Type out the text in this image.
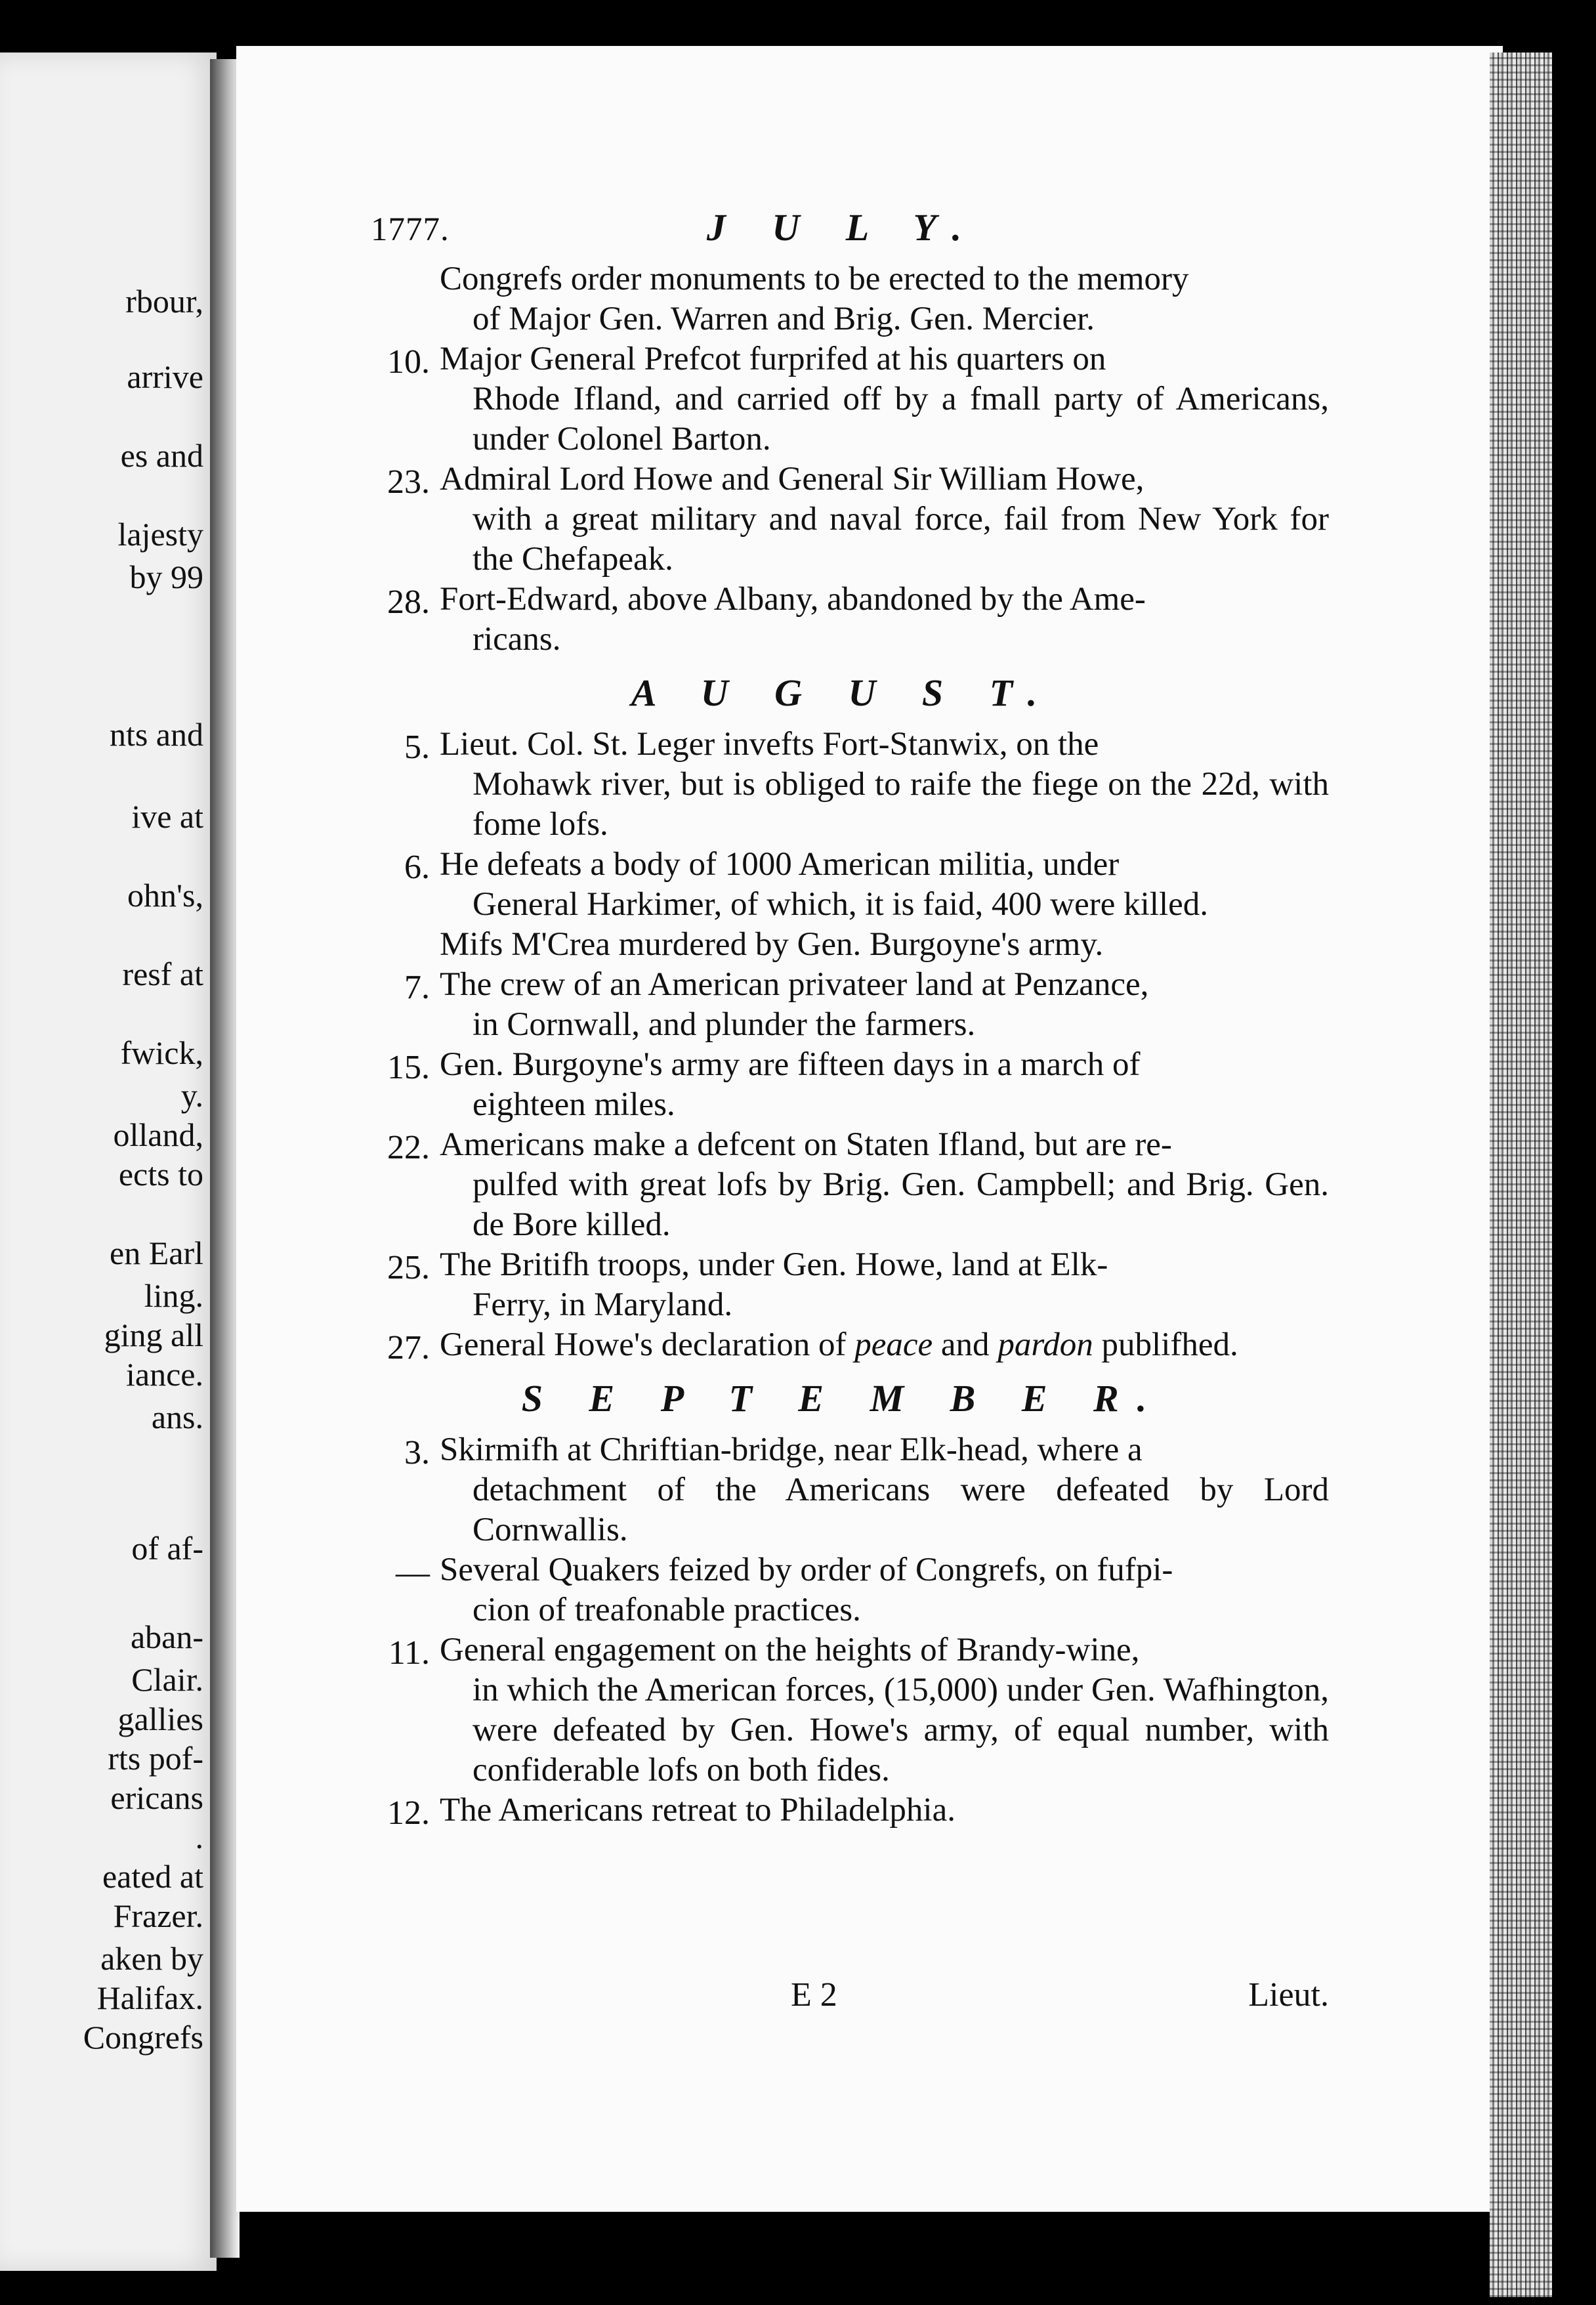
rbour,
arrive
es and
lajesty
by 99
nts and
ive at
ohn's,
resf at
fwick,
y.
olland,
ects to
en Earl
ling.
ging all
iance.
ans.
of af-
aban-
Clair.
gallies
rts pof-
ericans
.
eated at
Frazer.
aken by
Halifax.
Congrefs
1777.	J U L Y.

Congrefs order monuments to be erected to the memory
of Major Gen. Warren and Brig. Gen. Mercier.

10. Major General Prefcot furprifed at his quarters on
Rhode Ifland, and carried off by a fmall party of Americans, under Colonel Barton.

23. Admiral Lord Howe and General Sir William Howe,
with a great military and naval force, fail from New York for the Chefapeak.

28. Fort-Edward, above Albany, abandoned by the Ame-
ricans.

A U G U S T.

5. Lieut. Col. St. Leger invefts Fort-Stanwix, on the
Mohawk river, but is obliged to raife the fiege on the 22d, with fome lofs.

6. He defeats a body of 1000 American militia, under
General Harkimer, of which, it is faid, 400 were killed.

Mifs M'Crea murdered by Gen. Burgoyne's army.

7. The crew of an American privateer land at Penzance,
in Cornwall, and plunder the farmers.

15. Gen. Burgoyne's army are fifteen days in a march of
eighteen miles.

22. Americans make a defcent on Staten Ifland, but are re-
pulfed with great lofs by Brig. Gen. Campbell; and Brig. Gen. de Bore killed.

25. The Britifh troops, under Gen. Howe, land at Elk-
Ferry, in Maryland.

27. General Howe's declaration of peace and pardon publifhed.

S E P T E M B E R.

3. Skirmifh at Chriftian-bridge, near Elk-head, where a
detachment of the Americans were defeated by Lord Cornwallis.

— Several Quakers feized by order of Congrefs, on fufpi-
cion of treafonable practices.

11. General engagement on the heights of Brandy-wine,
in which the American forces, (15,000) under Gen. Wafhington, were defeated by Gen. Howe's army, of equal number, with confiderable lofs on both fides.

12. The Americans retreat to Philadelphia.

E 2	Lieut.
